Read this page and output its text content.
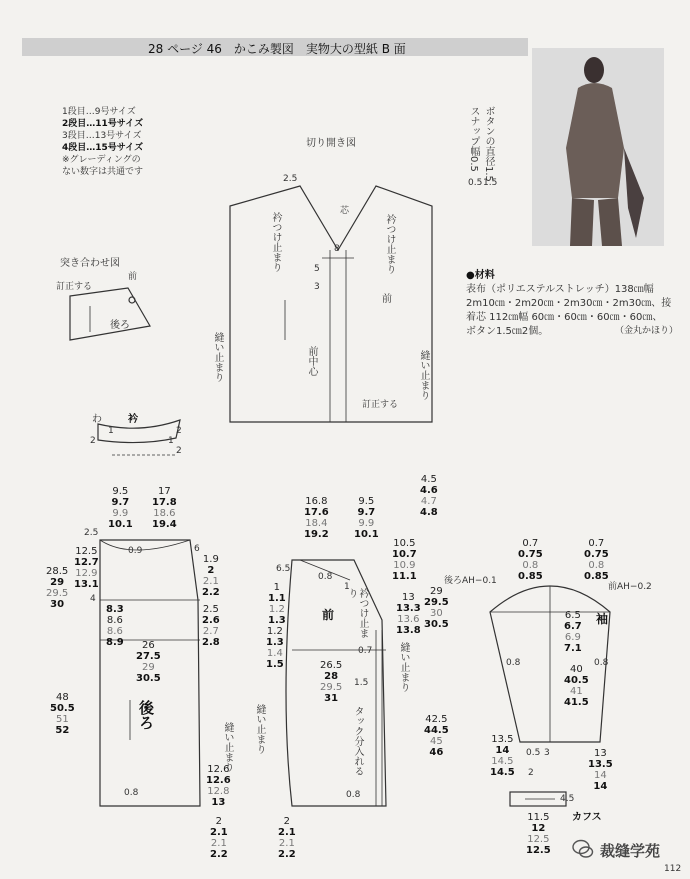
28 ページ 46　かこみ製図　実物大の型紙 B 面
1段目…9号サイズ
2段目…11号サイズ
3段目…13号サイズ
4段目…15号サイズ
※グレーディングの
ない数字は共通です	ボタンの直径1.5
スナップ幅0.5
1.5
0.5
●材料
表布（ポリエステルストレッチ）138㎝幅
2m10㎝・2m20㎝・2m30㎝・2m30㎝、接
着芯 112㎝幅 60㎝・60㎝・60㎝・60㎝、
ボタン1.5㎝2個。	（金丸かほり）
切り開き図
2.5
芯
8
5
3
衿つけ止まり	衿つけ止まり
前
縫い止まり	縫い止まり
前中心
訂正する
突き合わせ図
前
訂正する
後ろ
わ	衿
1
2
2
1
2
9.5
9.7
9.9
10.1
17
17.8
18.6
19.4
2.5
28.5
29
29.5
30
12.5
12.7
12.9
13.1
0.9	6
4
1.9
2
2.1
2.2
2.5
2.6
2.7
2.8
8.3
8.6
8.6
8.9	26
27.5
29
30.5
48
50.5
51
52
後ろ
縫い止まり
12.6
12.6
12.8
13
0.8
2
2.1
2.1
2.2
16.8
17.6
18.4
19.2
9.5
9.7
9.9
10.1
4.5
4.6
4.7
4.8
6.5
0.8
1
10.5
10.7
10.9
11.1
1
1.1
1.2
1.3
1.2
1.3
1.4
1.5
29
29.5
30
30.5
13
13.3
13.6
13.8
前	衿つけ止まり
縫い止まり
26.5
28
29.5
31
0.7
1.5
タック分入れる	42.5
44.5
45
46
縫い止まり
0.8
2
2.1
2.1
2.2
0.7
0.75
0.8
0.85
0.7
0.75
0.8
0.85
後ろAH−0.1
前AH−0.2
6.5
6.7
6.9
7.1
袖
0.8	0.8
40
40.5
41
41.5
13.5
14
14.5
14.5
0.5 3
2
13
13.5
14
14
4.5
カフス
11.5
12
12.5
12.5	裁缝学苑
112
